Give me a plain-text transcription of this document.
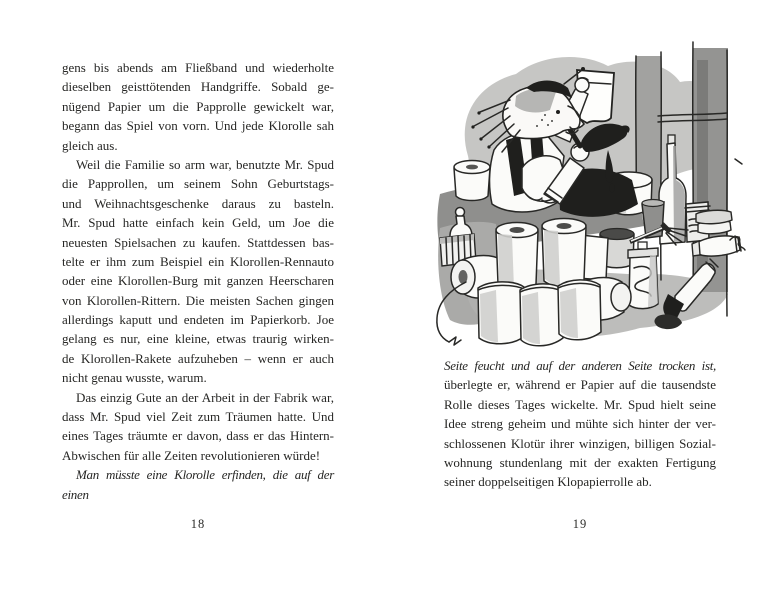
gens bis abends am Fließband und wiederholte
dieselben geisttötenden Handgriffe. Sobald ge-
nügend Papier um die Papprolle gewickelt war,
begann das Spiel von vorn. Und jede Klorolle sah
gleich aus.
Weil die Familie so arm war, benutzte Mr. Spud
die Papprollen, um seinem Sohn Geburtstags-
und Weihnachtsgeschenke daraus zu basteln.
Mr. Spud hatte einfach kein Geld, um Joe die
neuesten Spielsachen zu kaufen. Stattdessen bas-
telte er ihm zum Beispiel ein Klorollen-Rennauto
oder eine Klorollen-Burg mit ganzen Heerscharen
von Klorollen-Rittern. Die meisten Sachen gingen
allerdings kaputt und endeten im Papierkorb. Joe
gelang es nur, eine kleine, etwas traurig wirken-
de Klorollen-Rakete aufzuheben – wenn er auch
nicht genau wusste, warum.
Das einzig Gute an der Arbeit in der Fabrik war,
dass Mr. Spud viel Zeit zum Träumen hatte. Und
eines Tages träumte er davon, dass er das Hintern-
Abwischen für alle Zeiten revolutionieren würde!
Man müsste eine Klorolle erfinden, die auf der einen
18
Seite feucht und auf der anderen Seite trocken ist,
überlegte er, während er Papier auf die tausendste
Rolle dieses Tages wickelte. Mr. Spud hielt seine
Idee streng geheim und mühte sich hinter der ver-
schlossenen Klotür ihrer winzigen, billigen Sozial-
wohnung stundenlang mit der exakten Fertigung
seiner doppelseitigen Klopapierrolle ab.
19
